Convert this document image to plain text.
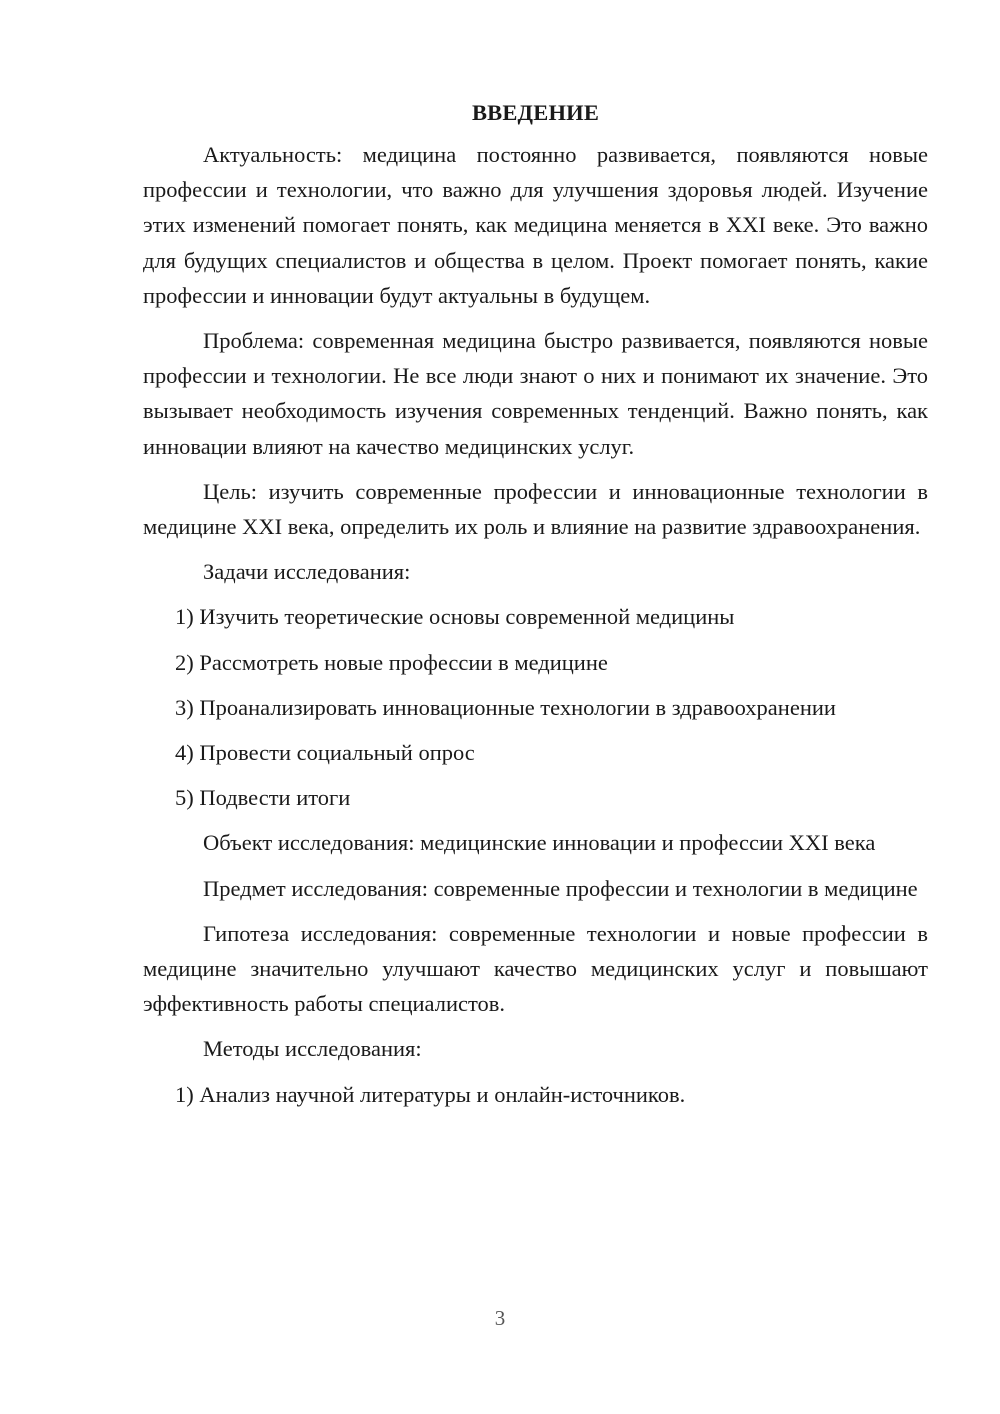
ВВЕДЕНИЕ

Актуальность: медицина постоянно развивается, появляются новые профессии и технологии, что важно для улучшения здоровья людей. Изучение этих изменений помогает понять, как медицина меняется в XXI веке. Это важно для будущих специалистов и общества в целом. Проект помогает понять, какие профессии и инновации будут актуальны в будущем.

Проблема: современная медицина быстро развивается, появляются новые профессии и технологии. Не все люди знают о них и понимают их значение. Это вызывает необходимость изучения современных тенденций. Важно понять, как инновации влияют на качество медицинских услуг.

Цель: изучить современные профессии и инновационные технологии в медицине XXI века, определить их роль и влияние на развитие здравоохранения.

Задачи исследования:
1) Изучить теоретические основы современной медицины
2) Рассмотреть новые профессии в медицине
3) Проанализировать инновационные технологии в здравоохранении
4) Провести социальный опрос
5) Подвести итоги

Объект исследования: медицинские инновации и профессии XXI века

Предмет исследования: современные профессии и технологии в медицине

Гипотеза исследования: современные технологии и новые профессии в медицине значительно улучшают качество медицинских услуг и повышают эффективность работы специалистов.

Методы исследования:
1) Анализ научной литературы и онлайн-источников.
3
